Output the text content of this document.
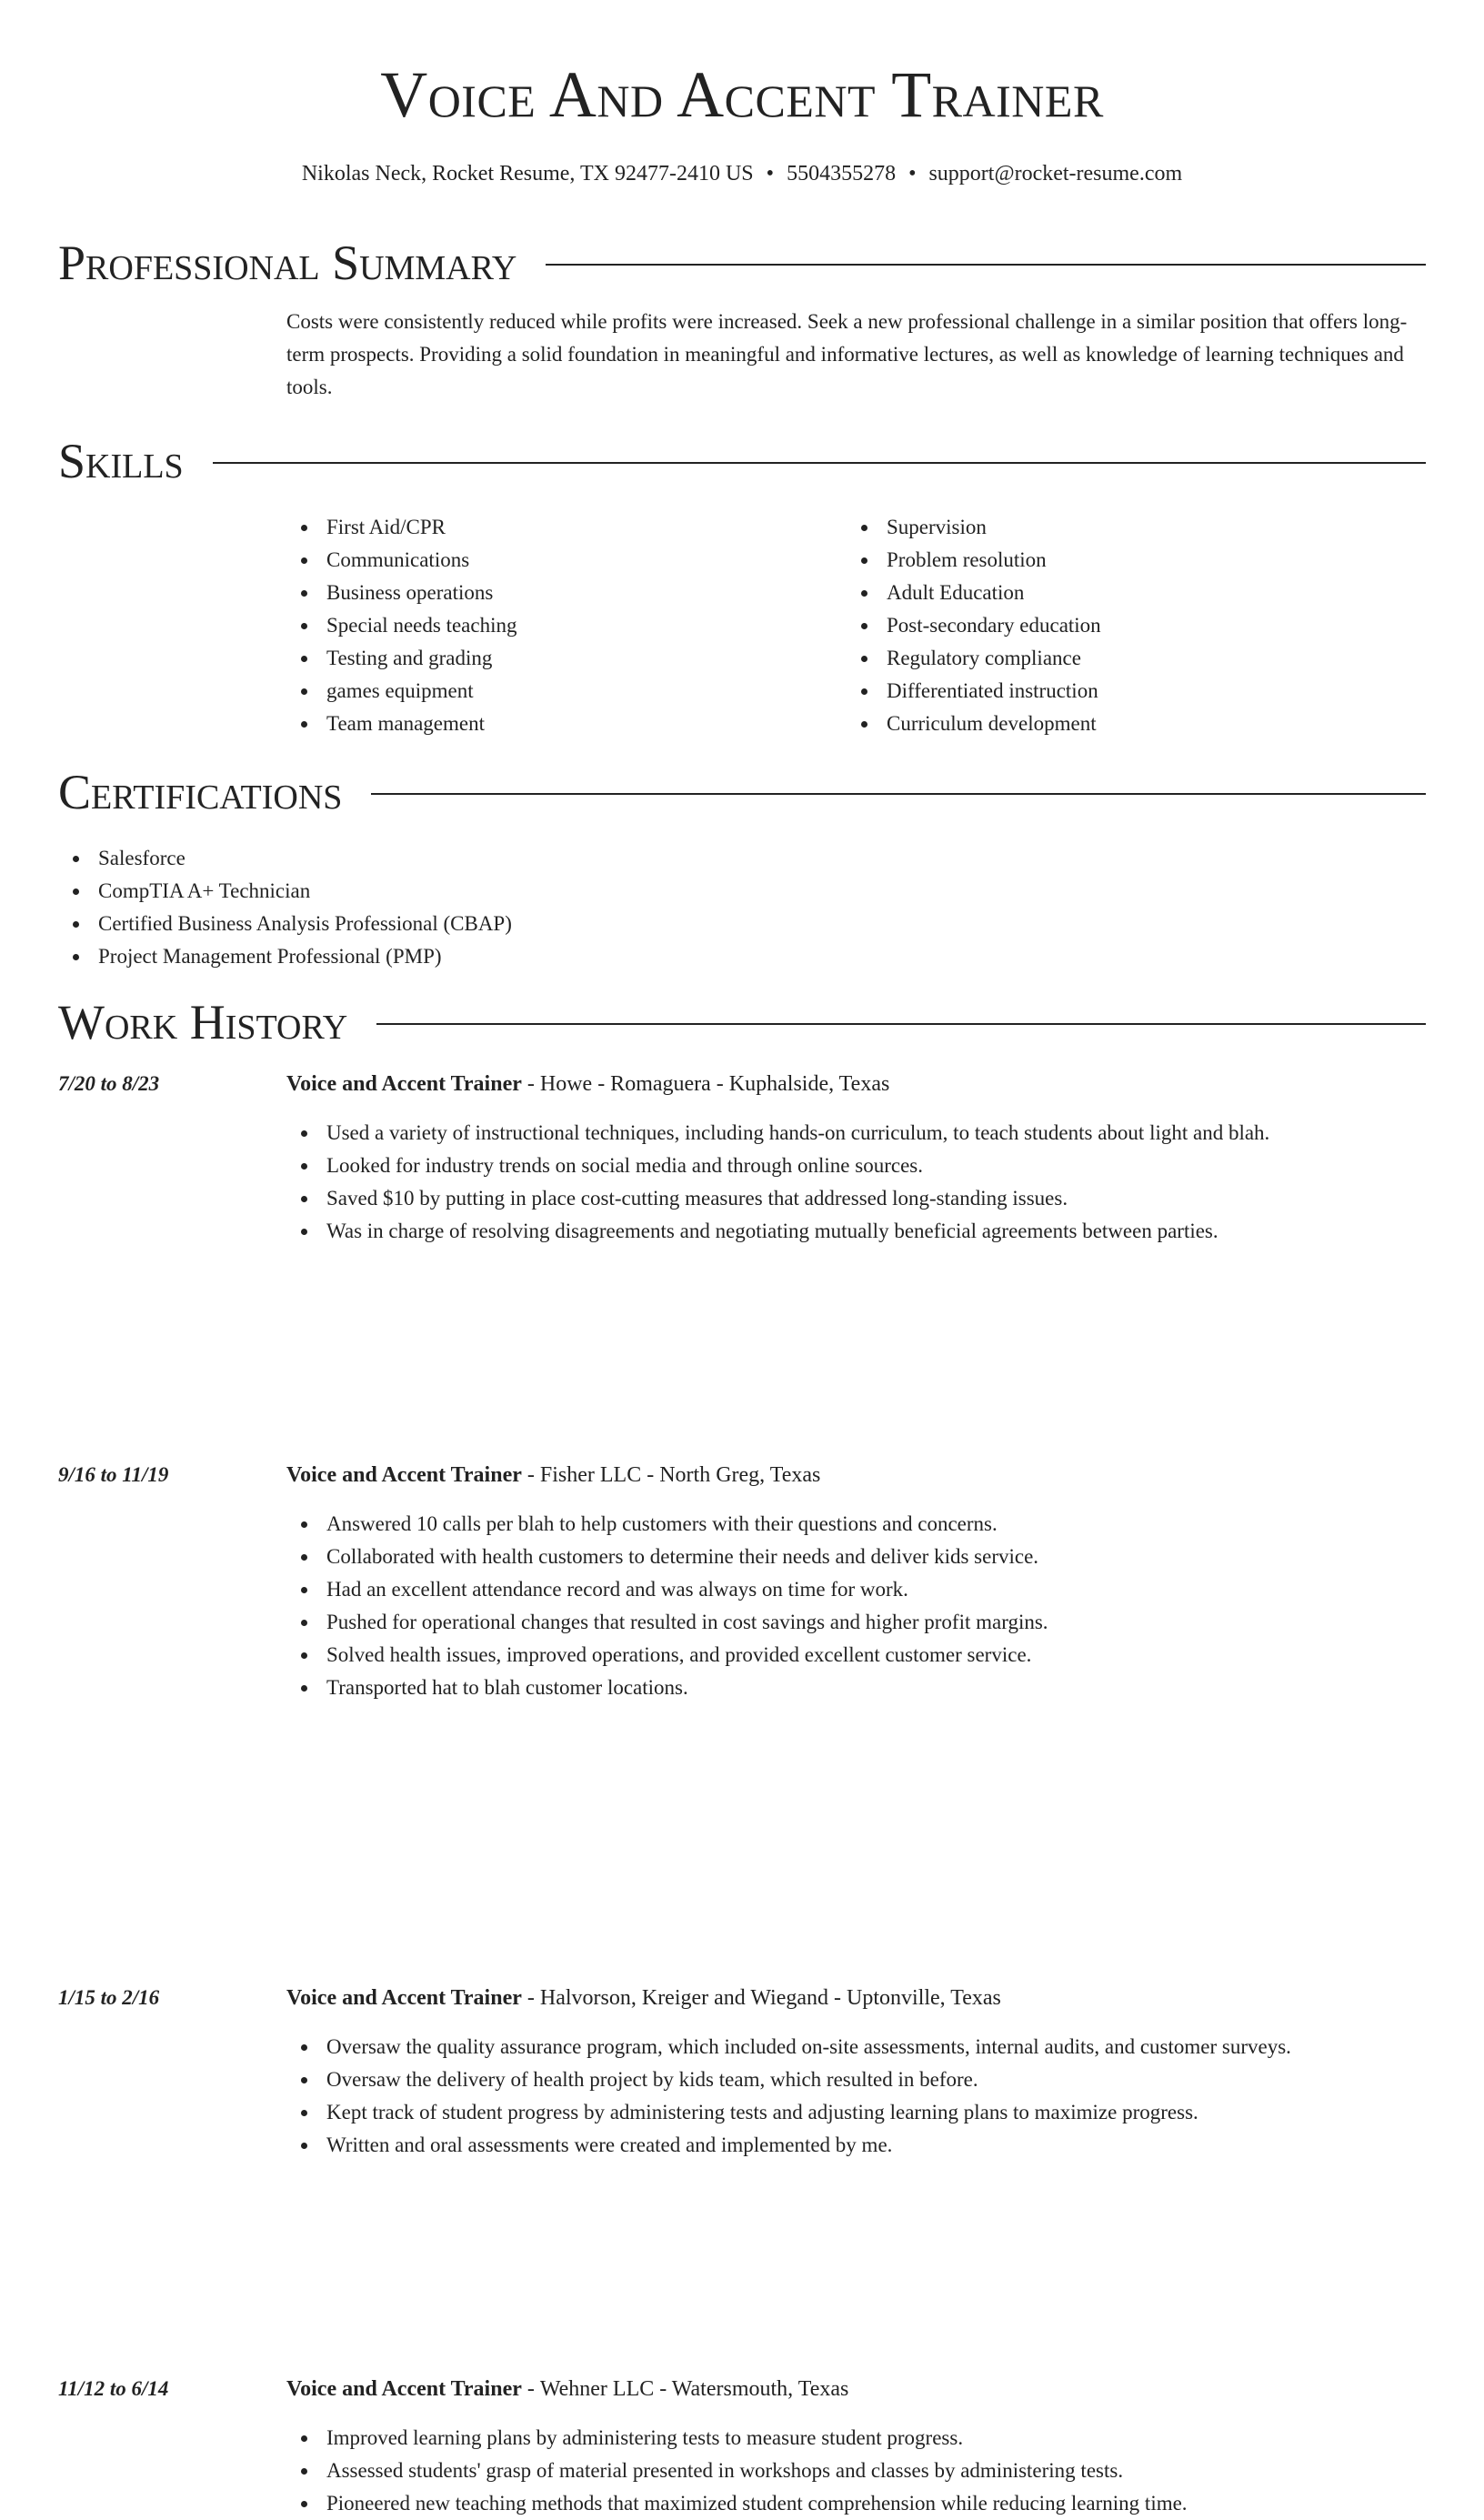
Voice And Accent Trainer
Nikolas Neck, Rocket Resume, TX 92477-2410 US • 5504355278 • support@rocket-resume.com
Professional Summary
Costs were consistently reduced while profits were increased. Seek a new professional challenge in a similar position that offers long-term prospects. Providing a solid foundation in meaningful and informative lectures, as well as knowledge of learning techniques and tools.
Skills
First Aid/CPR
Communications
Business operations
Special needs teaching
Testing and grading
games equipment
Team management
Supervision
Problem resolution
Adult Education
Post-secondary education
Regulatory compliance
Differentiated instruction
Curriculum development
Certifications
Salesforce
CompTIA A+ Technician
Certified Business Analysis Professional (CBAP)
Project Management Professional (PMP)
Work History
7/20 to 8/23	Voice and Accent Trainer - Howe - Romaguera - Kuphalside, Texas
Used a variety of instructional techniques, including hands-on curriculum, to teach students about light and blah.
Looked for industry trends on social media and through online sources.
Saved $10 by putting in place cost-cutting measures that addressed long-standing issues.
Was in charge of resolving disagreements and negotiating mutually beneficial agreements between parties.
9/16 to 11/19	Voice and Accent Trainer - Fisher LLC - North Greg, Texas
Answered 10 calls per blah to help customers with their questions and concerns.
Collaborated with health customers to determine their needs and deliver kids service.
Had an excellent attendance record and was always on time for work.
Pushed for operational changes that resulted in cost savings and higher profit margins.
Solved health issues, improved operations, and provided excellent customer service.
Transported hat to blah customer locations.
1/15 to 2/16	Voice and Accent Trainer - Halvorson, Kreiger and Wiegand - Uptonville, Texas
Oversaw the quality assurance program, which included on-site assessments, internal audits, and customer surveys.
Oversaw the delivery of health project by kids team, which resulted in before.
Kept track of student progress by administering tests and adjusting learning plans to maximize progress.
Written and oral assessments were created and implemented by me.
11/12 to 6/14	Voice and Accent Trainer - Wehner LLC - Watersmouth, Texas
Improved learning plans by administering tests to measure student progress.
Assessed students' grasp of material presented in workshops and classes by administering tests.
Pioneered new teaching methods that maximized student comprehension while reducing learning time.
